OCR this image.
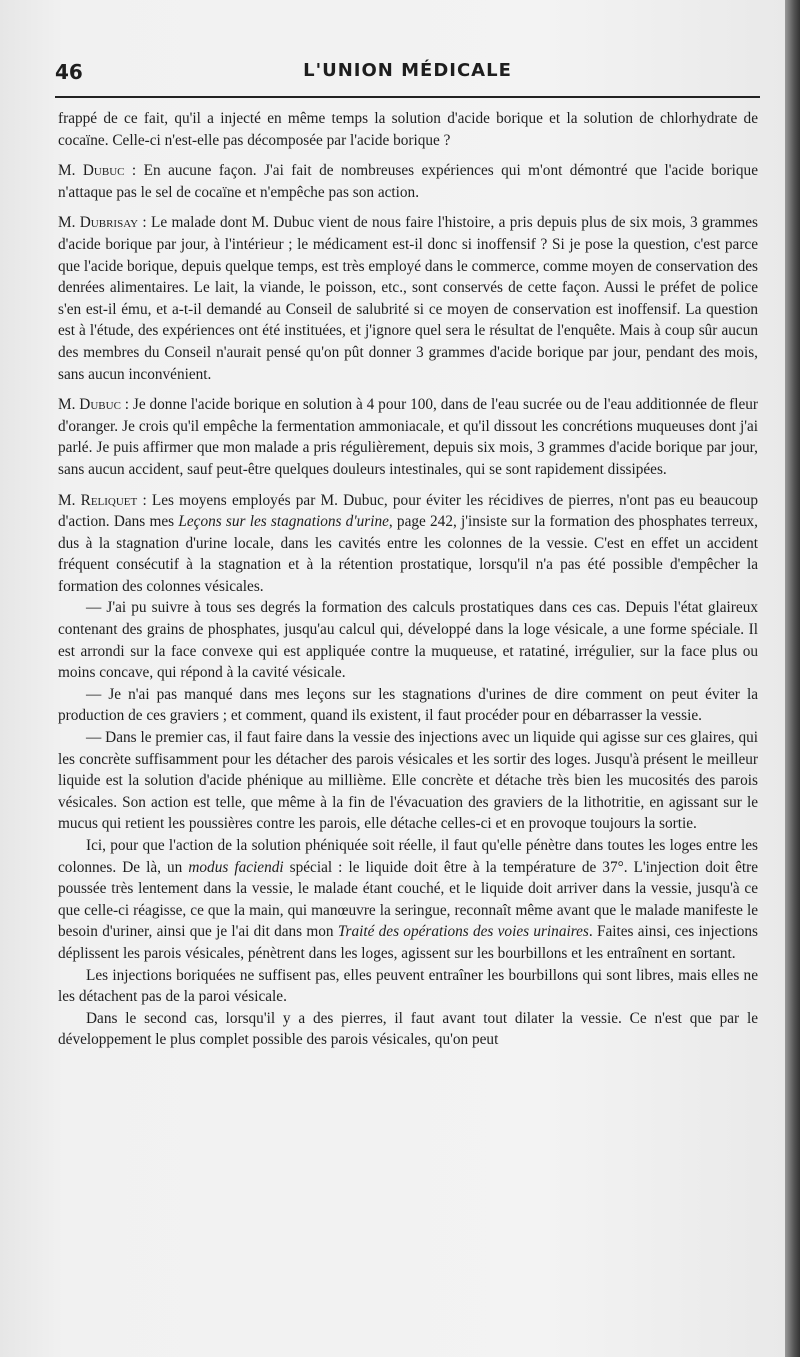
46	L'UNION MÉDICALE

frappé de ce fait, qu'il a injecté en même temps la solution d'acide borique et la solution de chlorhydrate de cocaïne. Celle-ci n'est-elle pas décomposée par l'acide borique ?

M. Dubuc : En aucune façon. J'ai fait de nombreuses expériences qui m'ont démontré que l'acide borique n'attaque pas le sel de cocaïne et n'empêche pas son action.

M. Dubrisay : Le malade dont M. Dubuc vient de nous faire l'histoire, a pris depuis plus de six mois, 3 grammes d'acide borique par jour, à l'intérieur ; le médicament est-il donc si inoffensif ? Si je pose la question, c'est parce que l'acide borique, depuis quelque temps, est très employé dans le commerce, comme moyen de conservation des denrées alimentaires. Le lait, la viande, le poisson, etc., sont conservés de cette façon. Aussi le préfet de police s'en est-il ému, et a-t-il demandé au Conseil de salubrité si ce moyen de conservation est inoffensif. La question est à l'étude, des expériences ont été instituées, et j'ignore quel sera le résultat de l'enquête. Mais à coup sûr aucun des membres du Conseil n'aurait pensé qu'on pût donner 3 grammes d'acide borique par jour, pendant des mois, sans aucun inconvénient.

M. Dubuc : Je donne l'acide borique en solution à 4 pour 100, dans de l'eau sucrée ou de l'eau additionnée de fleur d'oranger. Je crois qu'il empêche la fermentation ammoniacale, et qu'il dissout les concrétions muqueuses dont j'ai parlé. Je puis affirmer que mon malade a pris régulièrement, depuis six mois, 3 grammes d'acide borique par jour, sans aucun accident, sauf peut-être quelques douleurs intestinales, qui se sont rapidement dissipées.

M. Reliquet : Les moyens employés par M. Dubuc, pour éviter les récidives de pierres, n'ont pas eu beaucoup d'action. Dans mes Leçons sur les stagnations d'urine, page 242, j'insiste sur la formation des phosphates terreux, dus à la stagnation d'urine locale, dans les cavités entre les colonnes de la vessie. C'est en effet un accident fréquent consécutif à la stagnation et à la rétention prostatique, lorsqu'il n'a pas été possible d'empêcher la formation des colonnes vésicales.

— J'ai pu suivre à tous ses degrés la formation des calculs prostatiques dans ces cas. Depuis l'état glaireux contenant des grains de phosphates, jusqu'au calcul qui, développé dans la loge vésicale, a une forme spéciale. Il est arrondi sur la face convexe qui est appliquée contre la muqueuse, et ratatiné, irrégulier, sur la face plus ou moins concave, qui répond à la cavité vésicale.

— Je n'ai pas manqué dans mes leçons sur les stagnations d'urines de dire comment on peut éviter la production de ces graviers ; et comment, quand ils existent, il faut procéder pour en débarrasser la vessie.

— Dans le premier cas, il faut faire dans la vessie des injections avec un liquide qui agisse sur ces glaires, qui les concrète suffisamment pour les détacher des parois vésicales et les sortir des loges. Jusqu'à présent le meilleur liquide est la solution d'acide phénique au millième. Elle concrète et détache très bien les mucosités des parois vésicales. Son action est telle, que même à la fin de l'évacuation des graviers de la lithotritie, en agissant sur le mucus qui retient les poussières contre les parois, elle détache celles-ci et en provoque toujours la sortie.

Ici, pour que l'action de la solution phéniquée soit réelle, il faut qu'elle pénètre dans toutes les loges entre les colonnes. De là, un modus faciendi spécial : le liquide doit être à la température de 37°. L'injection doit être poussée très lentement dans la vessie, le malade étant couché, et le liquide doit arriver dans la vessie, jusqu'à ce que celle-ci réagisse, ce que la main, qui manœuvre la seringue, reconnaît même avant que le malade manifeste le besoin d'uriner, ainsi que je l'ai dit dans mon Traité des opérations des voies urinaires. Faites ainsi, ces injections déplissent les parois vésicales, pénètrent dans les loges, agissent sur les bourbillons et les entraînent en sortant.

Les injections boriquées ne suffisent pas, elles peuvent entraîner les bourbillons qui sont libres, mais elles ne les détachent pas de la paroi vésicale.

Dans le second cas, lorsqu'il y a des pierres, il faut avant tout dilater la vessie. Ce n'est que par le développement le plus complet possible des parois vésicales, qu'on peut
